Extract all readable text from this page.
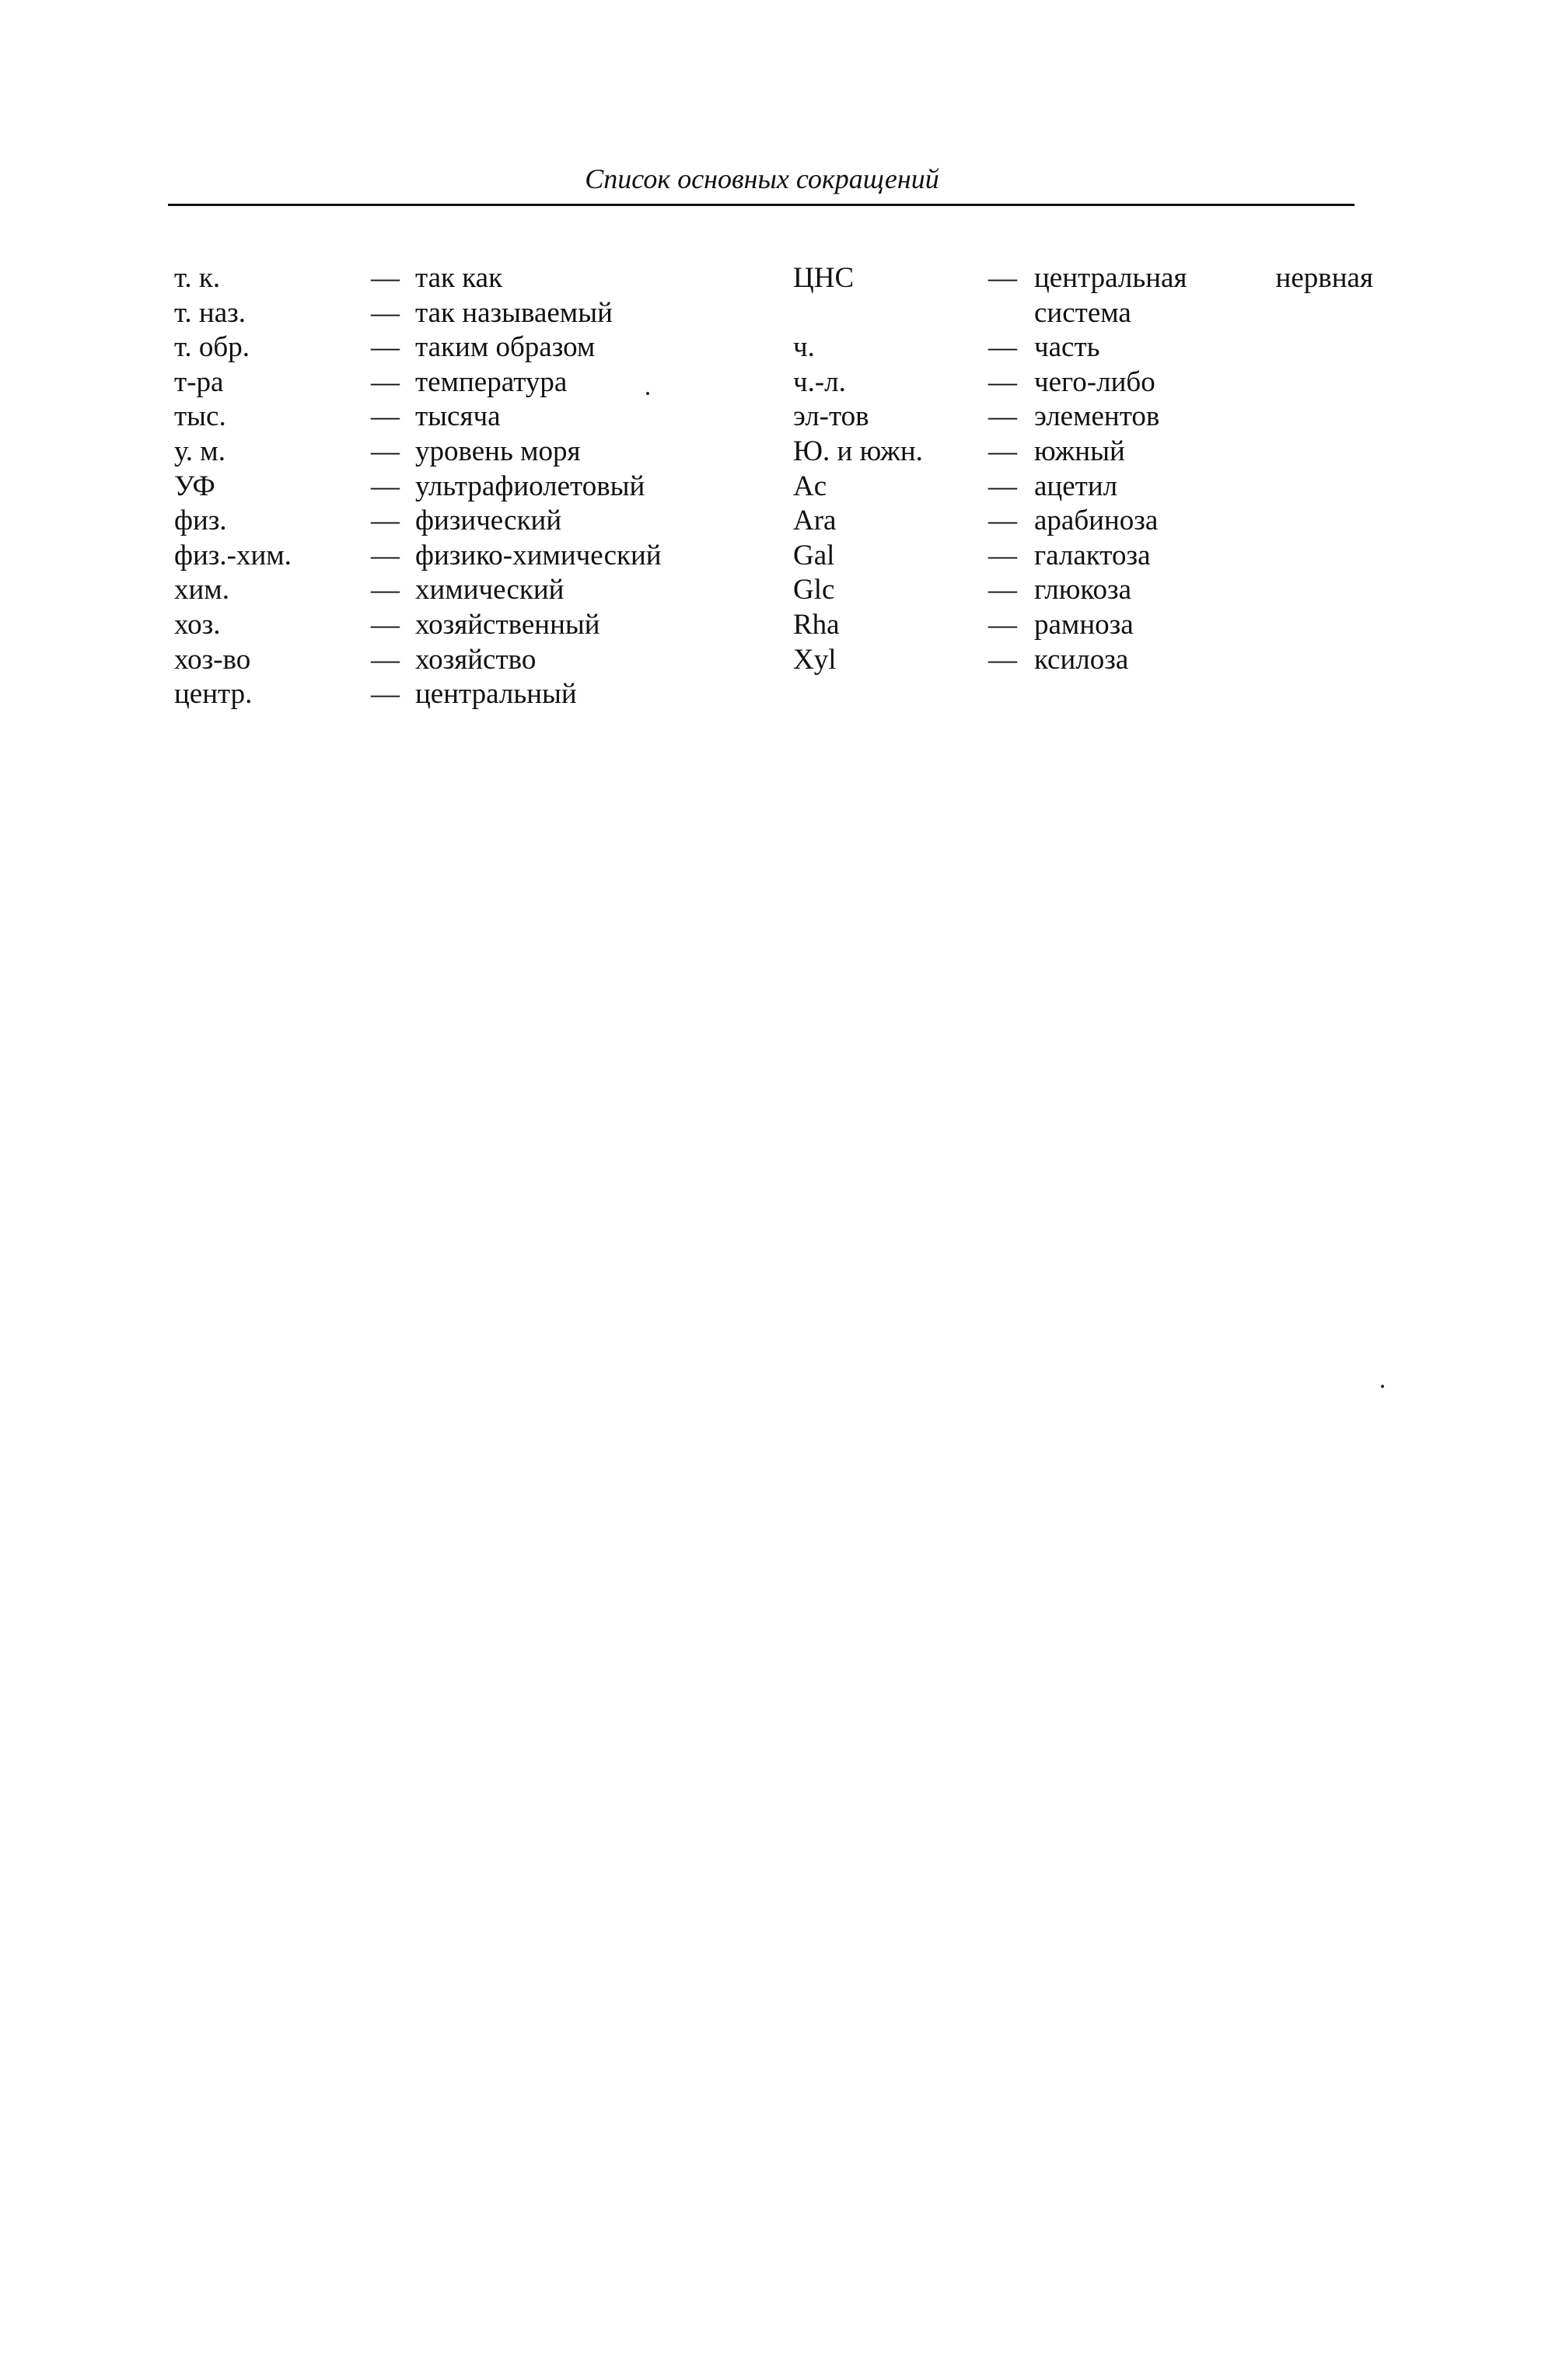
Список основных сокращений
т. к.	— так как
т. наз.	— так называемый
т. обр.	— таким образом
т-ра	— температура
тыс.	— тысяча
у. м.	— уровень моря
УФ	— ультрафиолетовый
физ.	— физический
физ.-хим.	— физико-химический
хим.	— химический
хоз.	— хозяйственный
хоз-во	— хозяйство
центр.	— центральный
ЦНС	— центральная нервная система
ч.	— часть
ч.-л.	— чего-либо
эл-тов	— элементов
Ю. и южн. — южный
Ac	— ацетил
Ara	— арабиноза
Gal	— галактоза
Glc	— глюкоза
Rha	— рамноза
Xyl	— ксилоза
